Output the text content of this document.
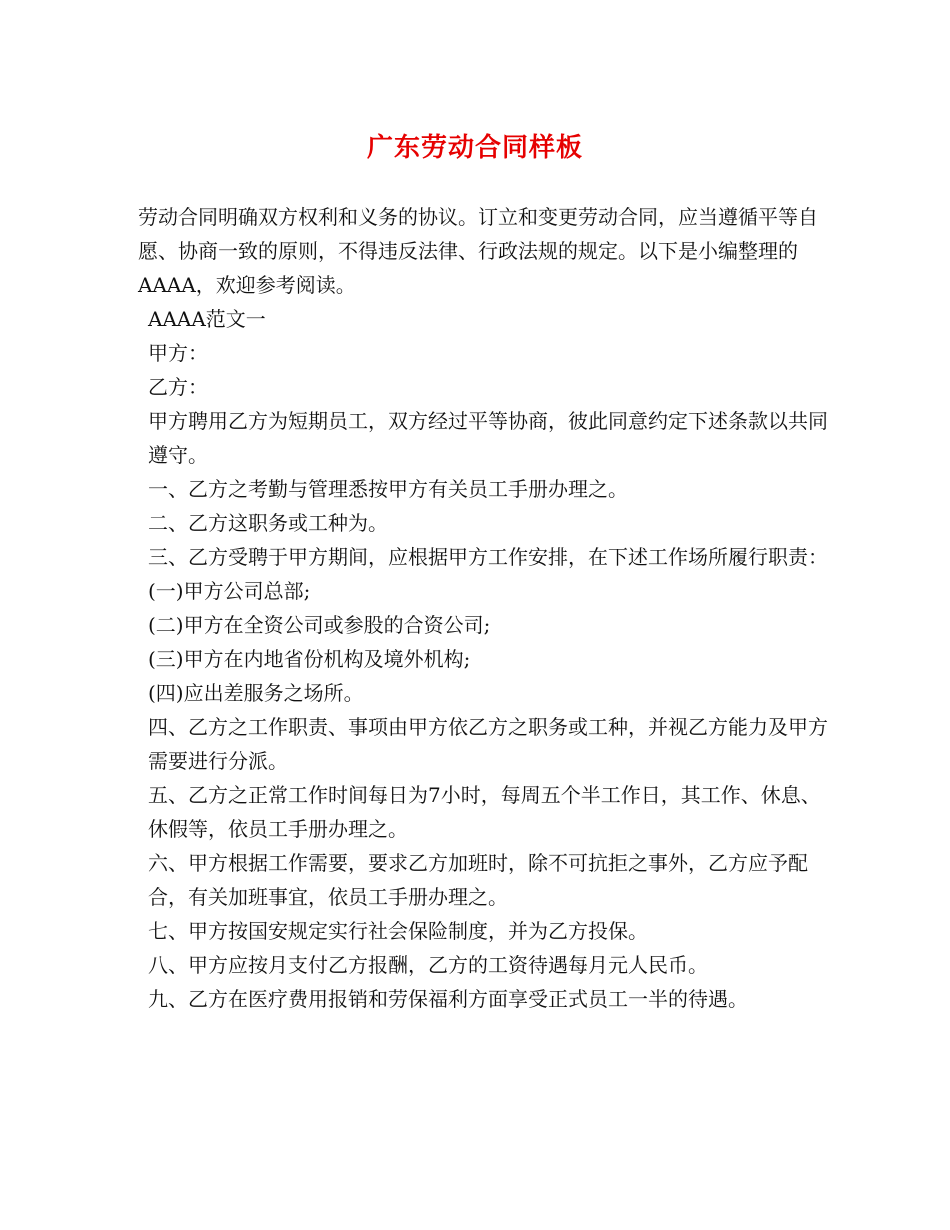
广东劳动合同样板

劳动合同明确双方权利和义务的协议。订立和变更劳动合同，应当遵循平等自愿、协商一致的原则，不得违反法律、行政法规的规定。以下是小编整理的AAAA，欢迎参考阅读。

AAAA范文一

甲方：

乙方：

甲方聘用乙方为短期员工，双方经过平等协商，彼此同意约定下述条款以共同遵守。

一、乙方之考勤与管理悉按甲方有关员工手册办理之。

二、乙方这职务或工种为。

三、乙方受聘于甲方期间，应根据甲方工作安排，在下述工作场所履行职责：

(一)甲方公司总部;

(二)甲方在全资公司或参股的合资公司;

(三)甲方在内地省份机构及境外机构;

(四)应出差服务之场所。

四、乙方之工作职责、事项由甲方依乙方之职务或工种，并视乙方能力及甲方需要进行分派。

五、乙方之正常工作时间每日为7小时，每周五个半工作日，其工作、休息、休假等，依员工手册办理之。

六、甲方根据工作需要，要求乙方加班时，除不可抗拒之事外，乙方应予配合，有关加班事宜，依员工手册办理之。

七、甲方按国安规定实行社会保险制度，并为乙方投保。

八、甲方应按月支付乙方报酬，乙方的工资待遇每月元人民币。

九、乙方在医疗费用报销和劳保福利方面享受正式员工一半的待遇。
